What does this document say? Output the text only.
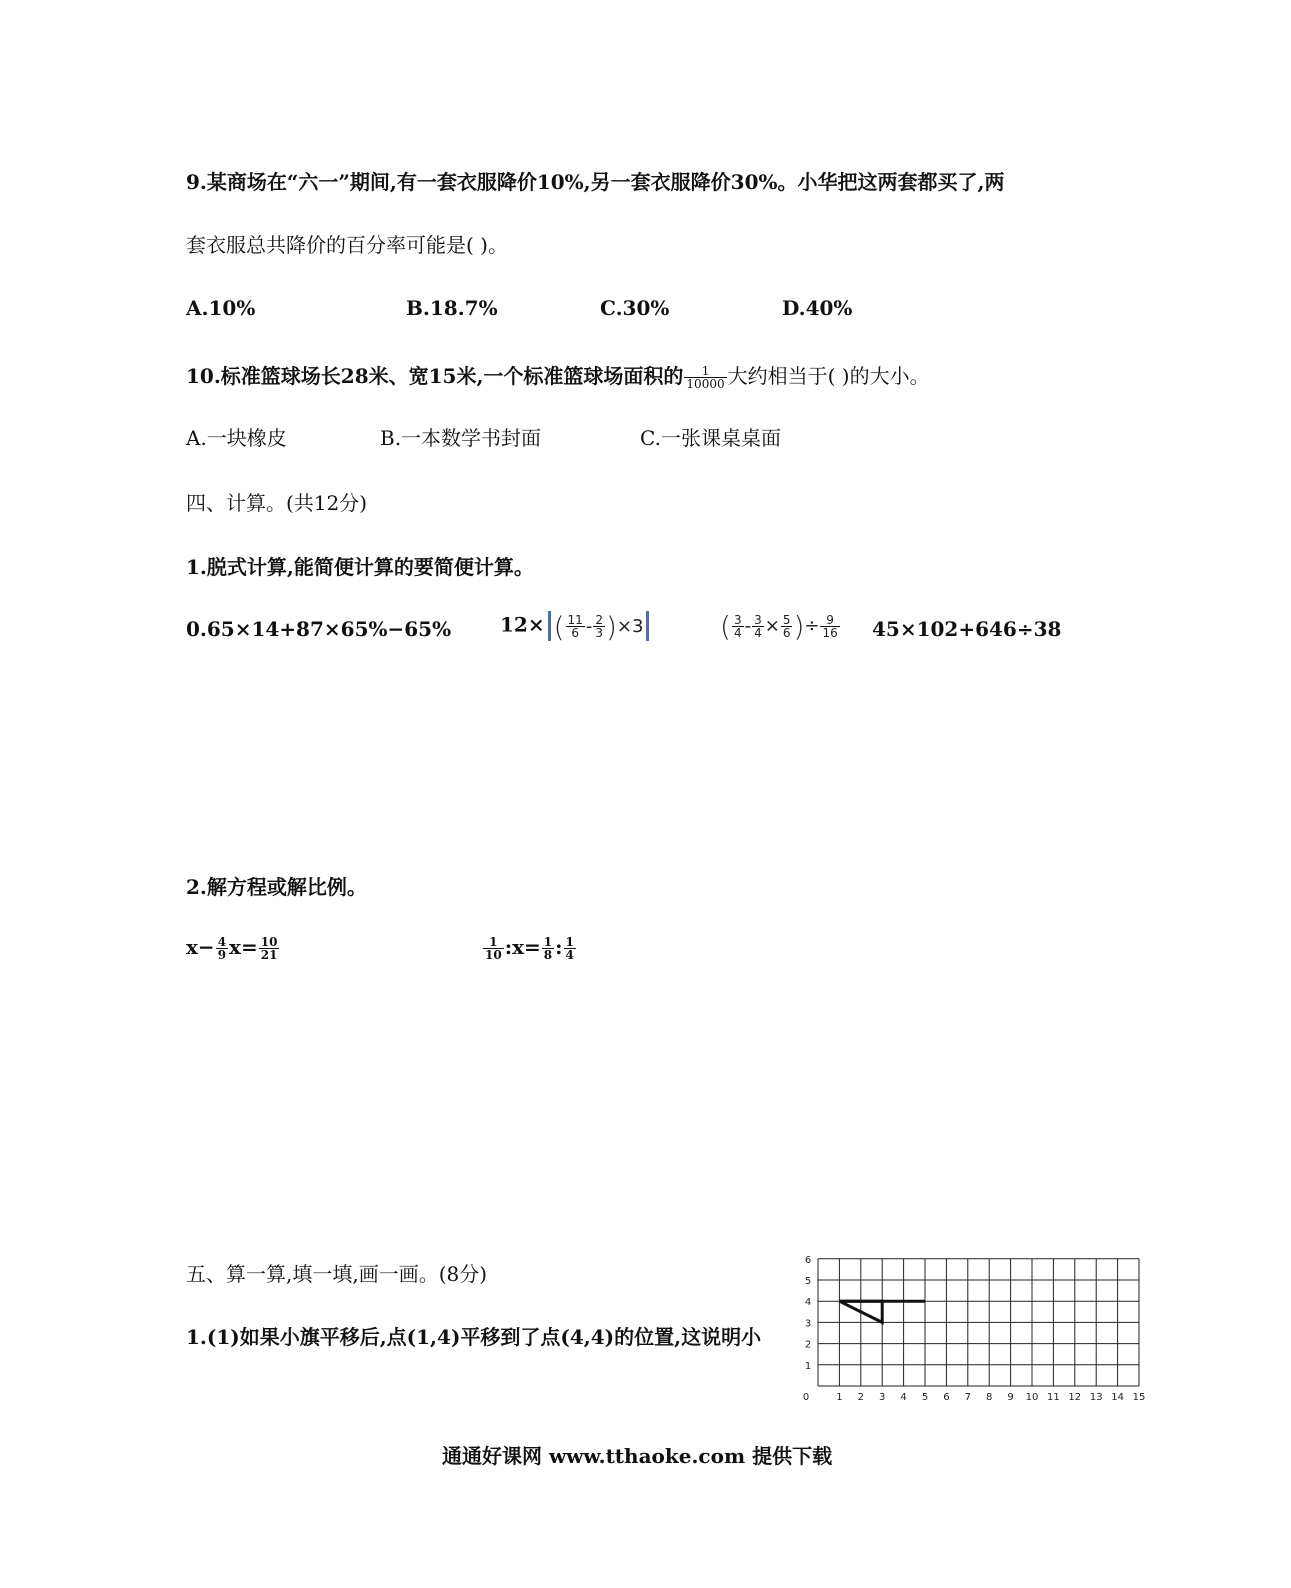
9.某商场在“六一”期间,有一套衣服降价10%,另一套衣服降价30%。小华把这两套都买了,两
套衣服总共降价的百分率可能是( )。
A.10%	B.18.7%	C.30%	D.40%
10.标准篮球场长28米、宽15米,一个标准篮球场面积的 $\frac{1}{10000}$ 大约相当于( )的大小。
A.一块橡皮	B.一本数学书封面	C.一张课桌桌面
四、计算。(共12分)
1.脱式计算,能简便计算的要简便计算。
0.65×14+87×65%−65% 12× ( $\frac{11}{6} - \frac{2}{3} )\times 3$	( $\frac{3}{4} - \frac{3}{4} \times \frac{5}{6}$ )÷ $\frac{9}{16} 45\times 102+646\div 38$
2.解方程或解比例。
$x- \frac{4}{9} x= \frac{10}{21}$	$\frac{1}{10}$ :x= $\frac{1}{8}$ : $\frac{1}{4}$
五、算一算,填一填,画一画。(8分)
1.(1)如果小旗平移后,点(1,4)平移到了点(4,4)的位置,这说明小
0	1 2 3 4 5 6 7 8 9 10 11 12 13 14 15
1
2
3
4
5
6
通通好课网 www.tthaoke.com 提供下载
